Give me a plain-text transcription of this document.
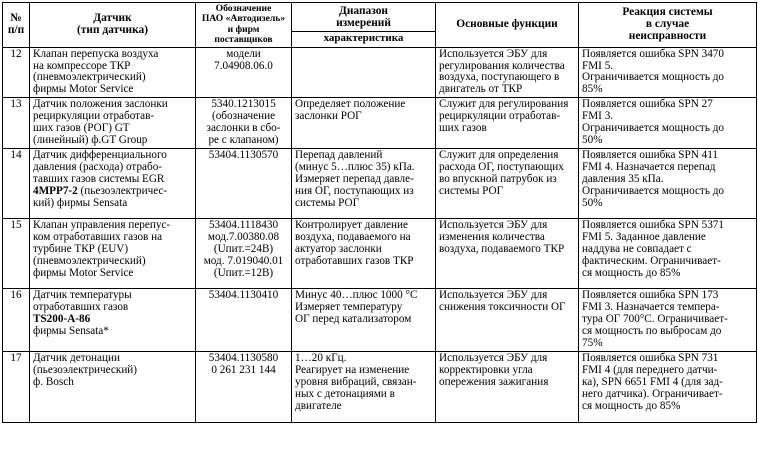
№
п/п	Датчик
(тип датчика)	Обозначение
ПАО «Автодизель»
и фирм
поставщиков	Диапазон
измерений	Основные функции	Реакция системы
в случае
неисправности
			характеристика		
12	Клапан перепуска воздуха
на компрессоре ТКР
(пневмоэлектрический)
фирмы Motor Service	модели
7.04908.06.0		Используется ЭБУ для
регулирования количества
воздуха, поступающего в
двигатель от ТКР	Появляется ошибка SPN 3470
FMI 5.
Ограничивается мощность до
85%
13	Датчик положения заслонки
рециркуляции отработав-
ших газов (РОГ) GT
(линейный) ф.GT Group	5340.1213015
(обозначение
заслонки в сбо-
ре с клапаном)	Определяет положение
заслонки РОГ	Служит для регулирования
рециркуляции отработав-
ших газов	Появляется ошибка SPN 27
FMI 3.
Ограничивается мощность до
50%
14	Датчик дифференциального
давления (расхода) отрабо-
тавших газов системы EGR
4MPP7-2 (пьезоэлектричес-
кий) фирмы Sensata	53404.1130570	Перепад давлений
(минус 5…плюс 35) кПа.
Измеряет перепад давле-
ния ОГ, поступающих из
системы РОГ	Служит для определения
расхода ОГ, поступающих
во впускной патрубок из
системы РОГ	Появляется ошибка SPN 411
FMI 4. Назначается перепад
давления 35 кПа.
Ограничивается мощность до
50%
15	Клапан управления перепус-
ком отработавших газов на
турбине ТКР (EUV)
(пневмоэлектрический)
фирмы Motor Service	53404.1118430
мод.7.00380.08
(Uпит.=24В)
мод. 7.019040.01
(Uпит.=12В)	Контролирует давление
воздуха, подаваемого на
актуатор заслонки
отработавших газов ТКР	Используется ЭБУ для
изменения количества
воздуха, подаваемого ТКР	Появляется ошибка SPN 5371
FMI 5. Заданное давление
наддува не совпадает с
фактическим. Ограничивает-
ся мощность до 85%
16	Датчик температуры
отработавших газов
TS200-A-86
фирмы Sensata*	53404.1130410	Минус 40…плюс 1000 °С
Измеряет температуру
ОГ перед катализатором	Используется ЭБУ для
снижения токсичности ОГ	Появляется ошибка SPN 173
FMI 3. Назначается темпера-
тура ОГ 700°С. Ограничивает-
ся мощность по выбросам до
75%
17	Датчик детонации
(пьезоэлектрический)
ф. Bosch	53404.1130580
0 261 231 144	1…20 кГц.
Реагирует на изменение
уровня вибраций, связан-
ных с детонациями в
двигателе	Используется ЭБУ для
корректировки угла
опережения зажигания	Появляется ошибка SPN 731
FMI 4 (для переднего датчи-
ка), SPN 6651 FMI 4 (для зад-
него датчика). Ограничивает-
ся мощность до 85%
